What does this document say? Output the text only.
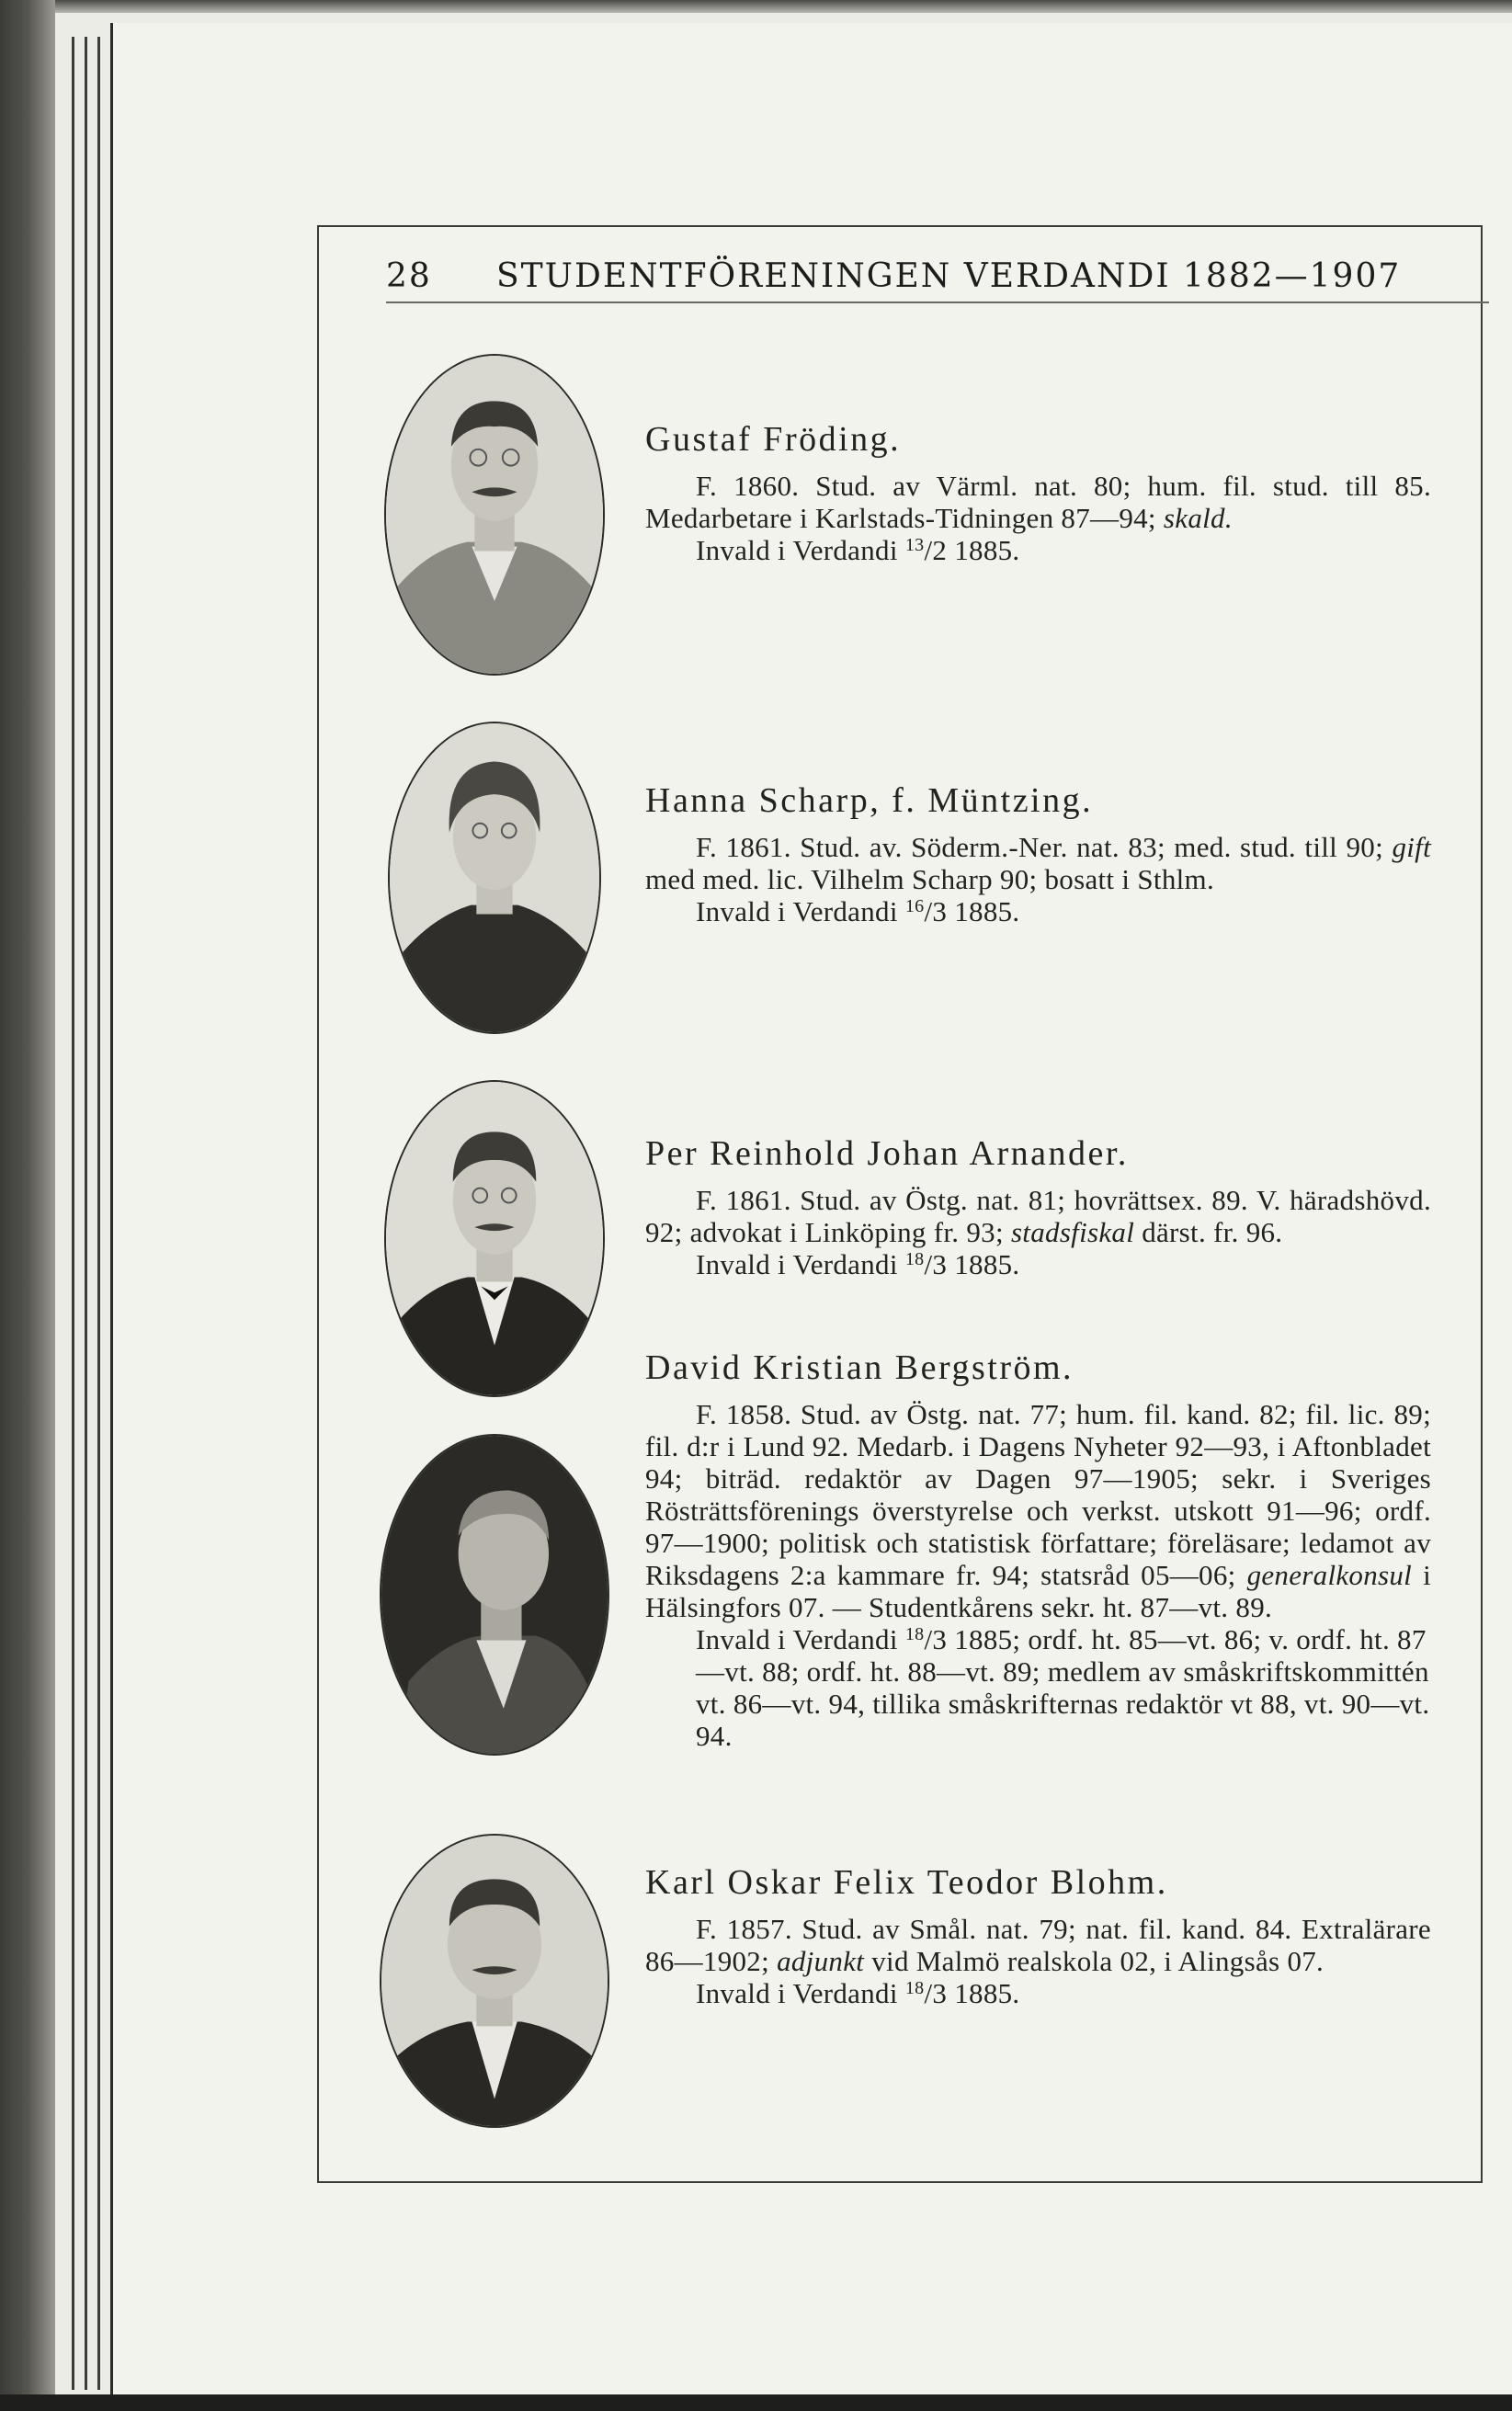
28 STUDENTFÖRENINGEN VERDANDI 1882—1907
Gustaf Fröding.

F. 1860. Stud. av Värml. nat. 80; hum. fil. stud. till 85. Medarbetare i Karlstads-Tidningen 87—94; skald.
Invald i Verdandi $^{13}$/2 1885.

Hanna Scharp, f. Müntzing.

F. 1861. Stud. av. Söderm.-Ner. nat. 83; med. stud. till 90; gift med med. lic. Vilhelm Scharp 90; bosatt i Sthlm.
Invald i Verdandi $^{16}$/3 1885.

Per Reinhold Johan Arnander.

F. 1861. Stud. av Östg. nat. 81; hovrättsex. 89. V. häradshövd. 92; advokat i Linköping fr. 93; stadsfiskal därst. fr. 96.
Invald i Verdandi $^{18}$/3 1885.

David Kristian Bergström.

F. 1858. Stud. av Östg. nat. 77; hum. fil. kand. 82; fil. lic. 89; fil. d:r i Lund 92. Medarb. i Dagens Nyheter 92—93, i Aftonbladet 94; biträd. redaktör av Dagen 97—1905; sekr. i Sveriges Rösträttsförenings överstyrelse och verkst. utskott 91—96; ordf. 97—1900; politisk och statistisk författare; föreläsare; ledamot av Riksdagens 2:a kammare fr. 94; statsråd 05—06; generalkonsul i Hälsingfors 07. — Studentkårens sekr. ht. 87—vt. 89.
Invald i Verdandi $^{18}$/3 1885; ordf. ht. 85—vt. 86; v. ordf. ht. 87—vt. 88; ordf. ht. 88—vt. 89; medlem av småskriftskommittén vt. 86—vt. 94, tillika småskrifternas redaktör vt 88, vt. 90—vt. 94.

Karl Oskar Felix Teodor Blohm.

F. 1857. Stud. av Smål. nat. 79; nat. fil. kand. 84. Extralärare 86—1902; adjunkt vid Malmö realskola 02, i Alingsås 07.
Invald i Verdandi $^{18}$/3 1885.
